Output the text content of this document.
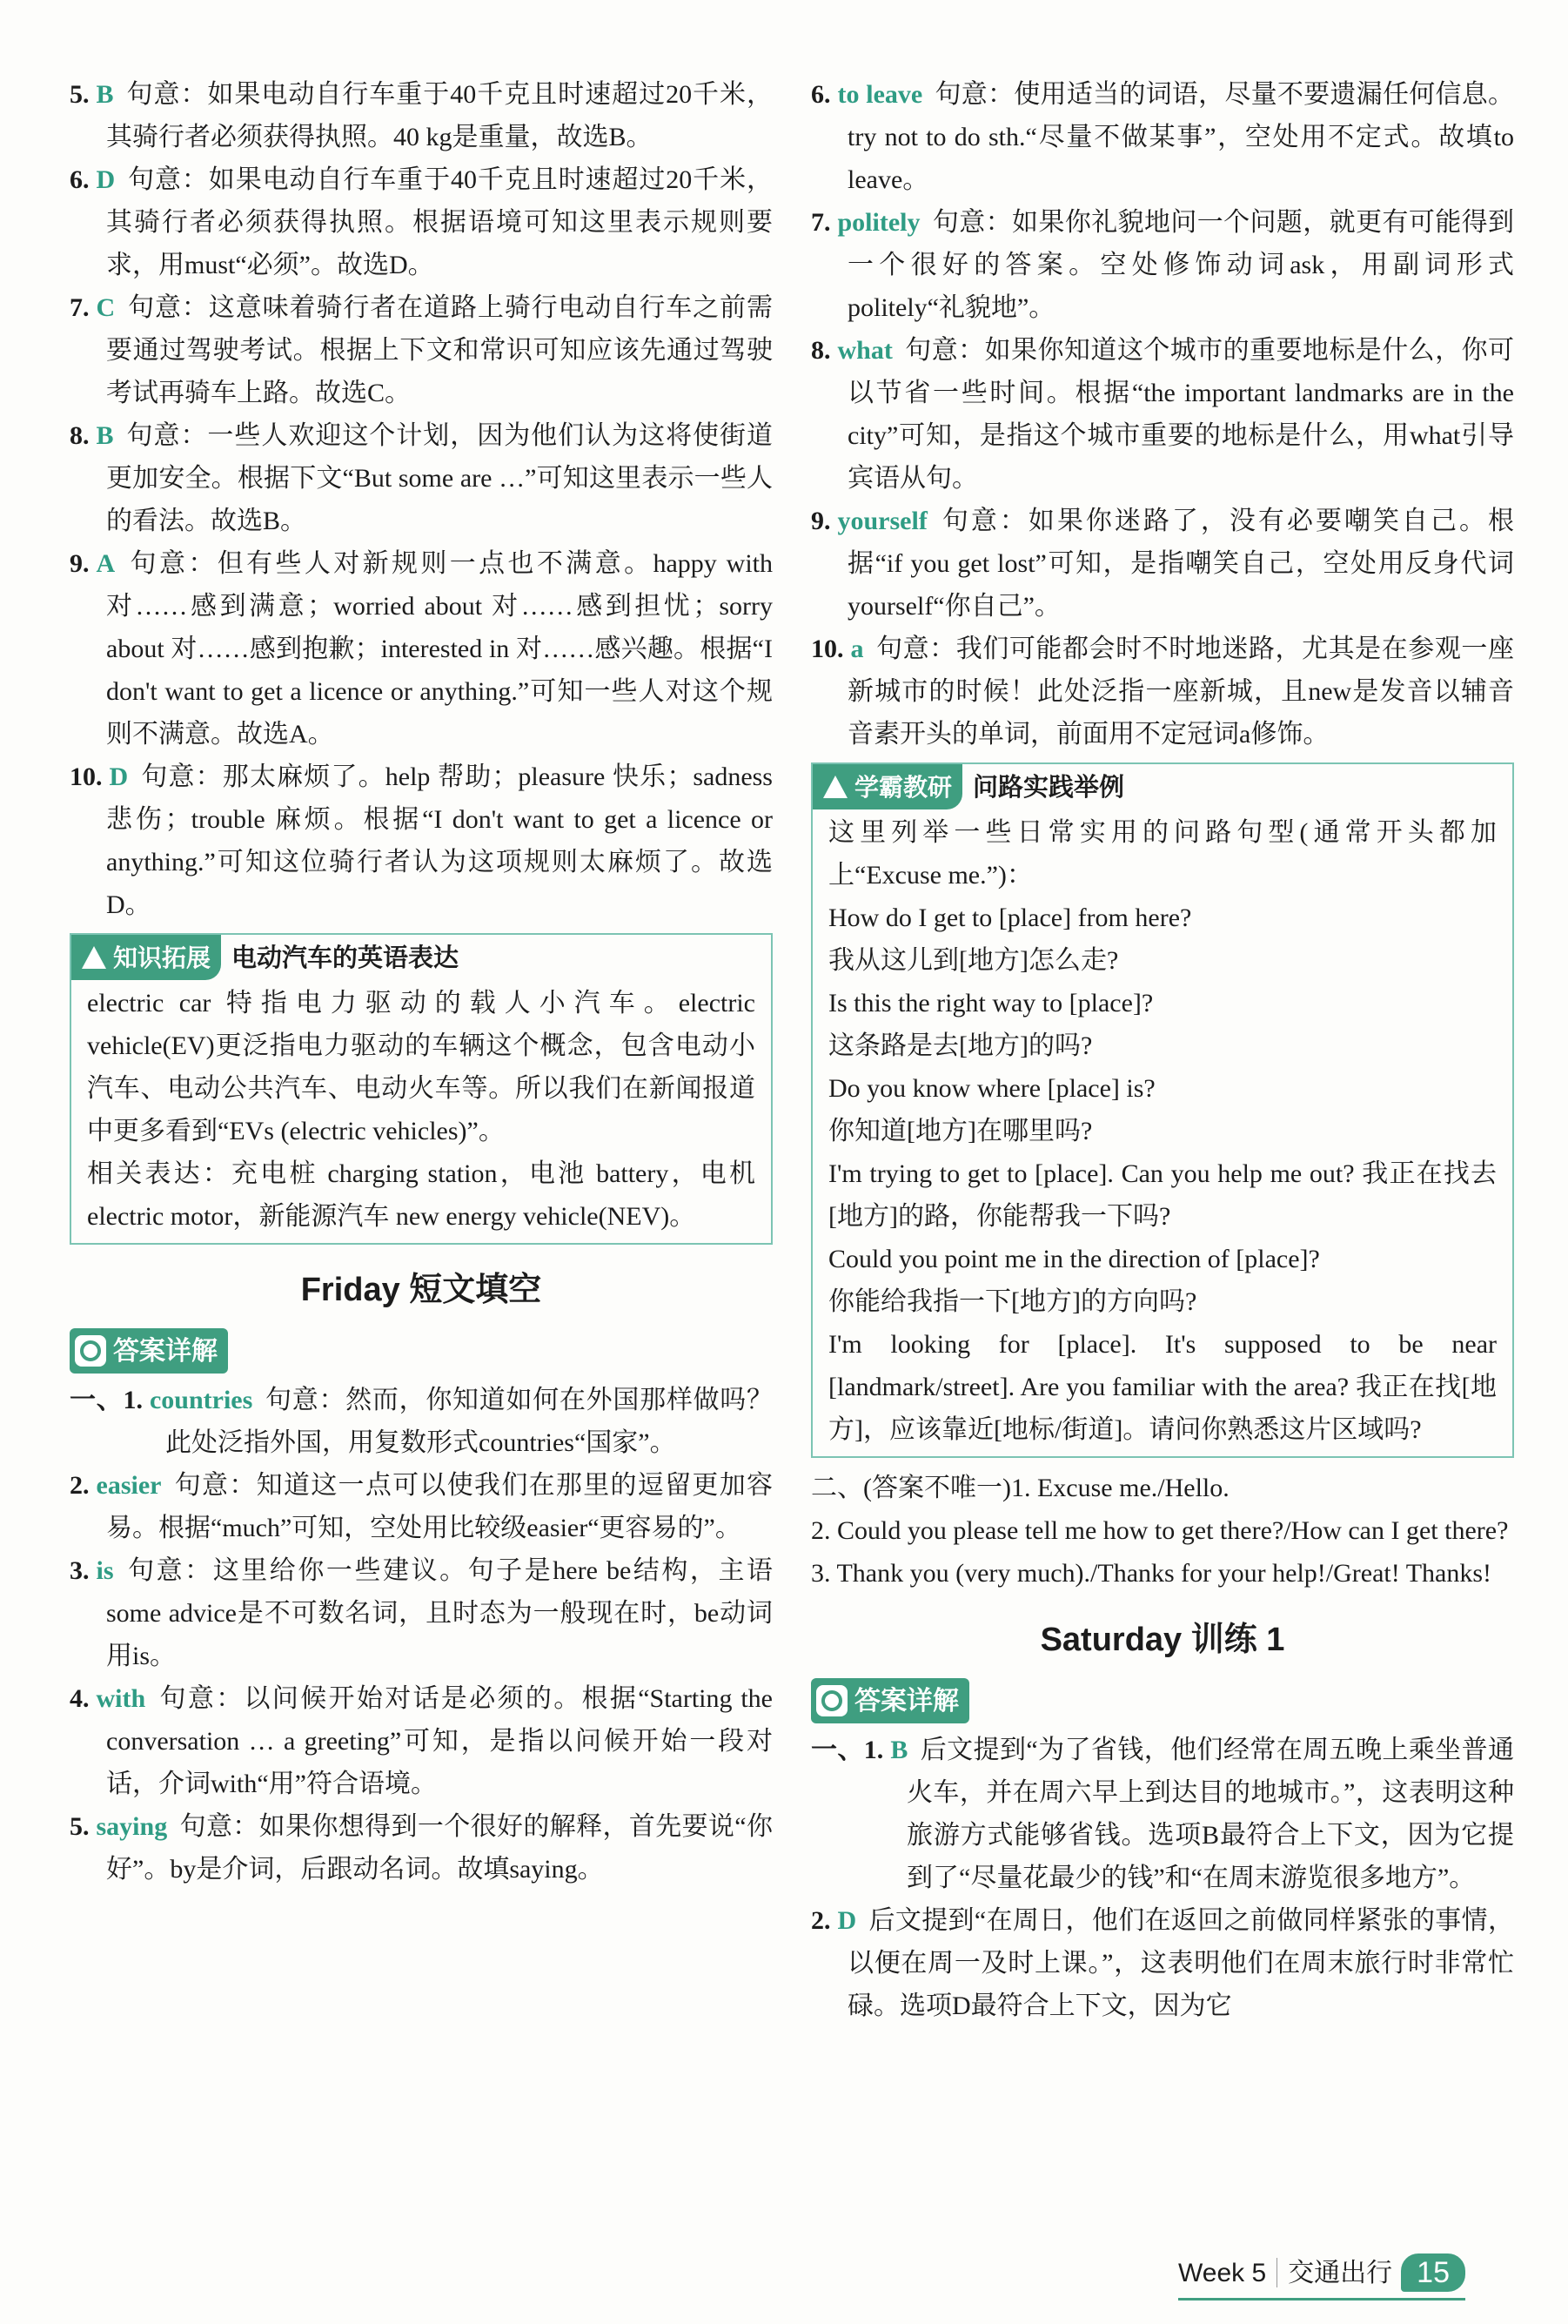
5. B 句意：如果电动自行车重于40千克且时速超过20千米，其骑行者必须获得执照。40 kg是重量，故选B。
6. D 句意：如果电动自行车重于40千克且时速超过20千米，其骑行者必须获得执照。根据语境可知这里表示规则要求，用must“必须”。故选D。
7. C 句意：这意味着骑行者在道路上骑行电动自行车之前需要通过驾驶考试。根据上下文和常识可知应该先通过驾驶考试再骑车上路。故选C。
8. B 句意：一些人欢迎这个计划，因为他们认为这将使街道更加安全。根据下文“But some are …”可知这里表示一些人的看法。故选B。
9. A 句意：但有些人对新规则一点也不满意。happy with 对……感到满意；worried about 对……感到担忧；sorry about 对……感到抱歉；interested in 对……感兴趣。根据“I don't want to get a licence or anything.”可知一些人对这个规则不满意。故选A。
10. D 句意：那太麻烦了。help 帮助；pleasure 快乐；sadness 悲伤；trouble 麻烦。根据“I don't want to get a licence or anything.”可知这位骑行者认为这项规则太麻烦了。故选D。
知识拓展 电动汽车的英语表达
electric car 特指电力驱动的载人小汽车。electric vehicle(EV)更泛指电力驱动的车辆这个概念，包含电动小汽车、电动公共汽车、电动火车等。所以我们在新闻报道中更多看到“EVs (electric vehicles)”。
相关表达：充电桩 charging station，电池 battery，电机 electric motor，新能源汽车 new energy vehicle(NEV)。
Friday 短文填空
答案详解
一、1. countries 句意：然而，你知道如何在外国那样做吗？此处泛指外国，用复数形式countries“国家”。
2. easier 句意：知道这一点可以使我们在那里的逗留更加容易。根据“much”可知，空处用比较级easier“更容易的”。
3. is 句意：这里给你一些建议。句子是here be结构，主语some advice是不可数名词，且时态为一般现在时，be动词用is。
4. with 句意：以问候开始对话是必须的。根据“Starting the conversation … a greeting”可知，是指以问候开始一段对话，介词with“用”符合语境。
5. saying 句意：如果你想得到一个很好的解释，首先要说“你好”。by是介词，后跟动名词。故填saying。
6. to leave 句意：使用适当的词语，尽量不要遗漏任何信息。try not to do sth.“尽量不做某事”，空处用不定式。故填to leave。
7. politely 句意：如果你礼貌地问一个问题，就更有可能得到一个很好的答案。空处修饰动词ask，用副词形式politely“礼貌地”。
8. what 句意：如果你知道这个城市的重要地标是什么，你可以节省一些时间。根据“the important landmarks are in the city”可知，是指这个城市重要的地标是什么，用what引导宾语从句。
9. yourself 句意：如果你迷路了，没有必要嘲笑自己。根据“if you get lost”可知，是指嘲笑自己，空处用反身代词yourself“你自己”。
10. a 句意：我们可能都会时不时地迷路，尤其是在参观一座新城市的时候！此处泛指一座新城，且new是发音以辅音音素开头的单词，前面用不定冠词a修饰。
学霸教研 问路实践举例
这里列举一些日常实用的问路句型(通常开头都加上“Excuse me.”)：
How do I get to [place] from here?
我从这儿到[地方]怎么走?
Is this the right way to [place]?
这条路是去[地方]的吗?
Do you know where [place] is?
你知道[地方]在哪里吗?
I'm trying to get to [place]. Can you help me out? 我正在找去[地方]的路，你能帮我一下吗?
Could you point me in the direction of [place]?
你能给我指一下[地方]的方向吗?
I'm looking for [place]. It's supposed to be near [landmark/street]. Are you familiar with the area? 我正在找[地方]，应该靠近[地标/街道]。请问你熟悉这片区域吗?
二、(答案不唯一)1. Excuse me./Hello.
2. Could you please tell me how to get there?/How can I get there?
3. Thank you (very much)./Thanks for your help!/Great! Thanks!
Saturday 训练 1
答案详解
一、1. B 后文提到“为了省钱，他们经常在周五晚上乘坐普通火车，并在周六早上到达目的地城市。”，这表明这种旅游方式能够省钱。选项B最符合上下文，因为它提到了“尽量花最少的钱”和“在周末游览很多地方”。
2. D 后文提到“在周日，他们在返回之前做同样紧张的事情，以便在周一及时上课。”，这表明他们在周末旅行时非常忙碌。选项D最符合上下文，因为它
Week 5 交通出行 15
